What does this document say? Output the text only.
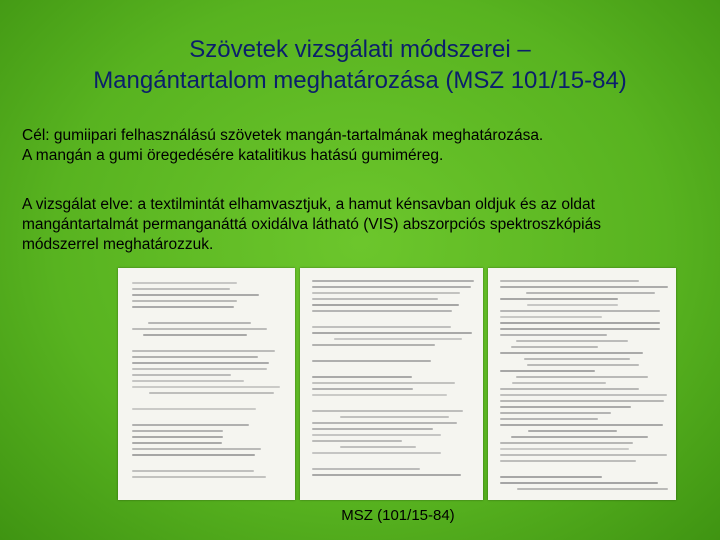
Szövetek vizsgálati módszerei –
Mangántartalom meghatározása (MSZ 101/15-84)
Cél: gumiipari felhasználású szövetek mangán-tartalmának meghatározása.
A mangán a gumi öregedésére katalitikus hatású gumiméreg.
A vizsgálat elve: a textilmintát elhamvasztjuk, a hamut kénsavban oldjuk és az oldat
mangántartalmát permanganáttá oxidálva látható (VIS) abszorpciós spektroszkópiás
módszerrel meghatározzuk.
MSZ (101/15-84)
